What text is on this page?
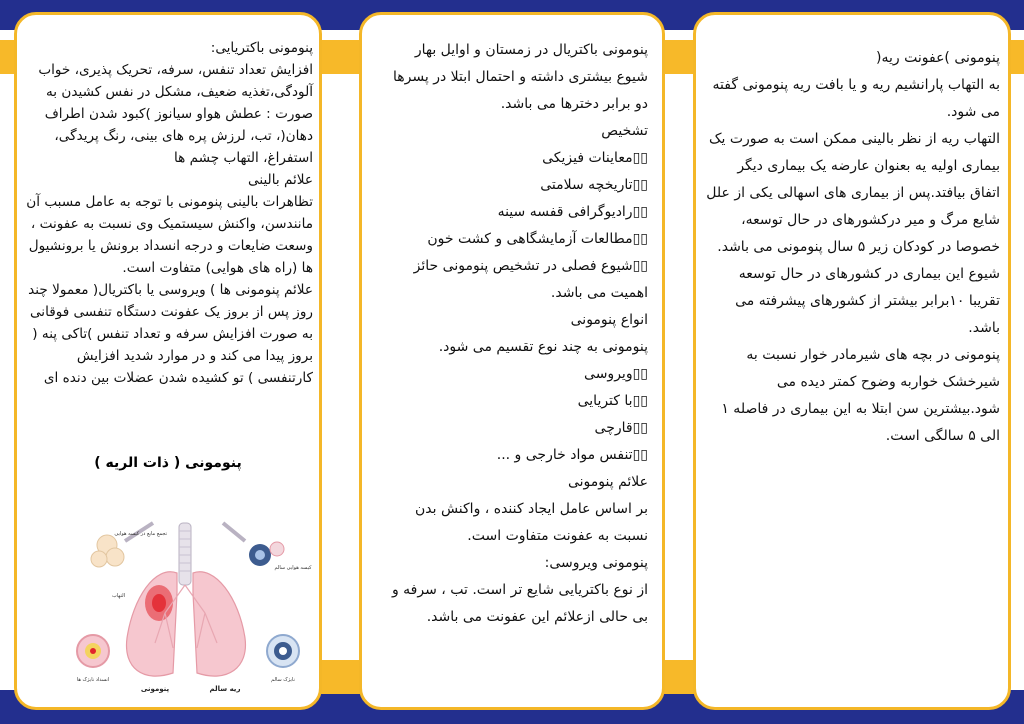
پنومونی باکتریایی:

افزایش تعداد تنفس، سرفه، تحریک پذیری، خواب آلودگی،تغذیه ضعیف، مشکل در نفس کشیدن به صورت : عطش هواو سیانوز )کبود شدن اطراف دهان(، تب، لرزش پره های بینی، رنگ پریدگی، استفراغ، التهاب چشم ها

علائم بالینی

تظاهرات بالینی پنومونی با توجه به عامل مسبب آن مانندسن، واکنش سیستمیک وی نسبت به عفونت ، وسعت ضایعات و درجه انسداد برونش یا برونشیول ها (راه های هوایی) متفاوت است.

علائم پنومونی ها ) ویروسی یا باکتریال( معمولا چند روز پس از بروز یک عفونت دستگاه تنفسی فوقانی به صورت افزایش سرفه و تعداد تنفس )تاکی پنه ( بروز پیدا می کند و در موارد شدید افزایش کارتنفسی ) تو کشیده شدن عضلات بین دنده ای

پنومونی ( ذات الریه )
تجمع مایع در کیسه هوایی
کیسه هوایی سالم
التهاب
پنومونی	ریه سالم
نایژک سالم
انسداد نایژک ها

پنومونی باکتریال در زمستان و اوایل بهار شیوع بیشتری داشته و احتمال ابتلا در پسرها دو برابر دخترها می باشد.

تشخیص

▯▯معاینات فیزیکی

▯▯تاریخچه سلامتی

▯▯رادیوگرافی قفسه سینه

▯▯مطالعات آزمایشگاهی و کشت خون

▯▯شیوع فصلی در تشخیص پنومونی حائز اهمیت می باشد.

انواع پنومونی

پنومونی به چند نوع تقسیم می شود.

▯▯ویروسی

▯▯با کتریایی

▯▯قارچی

▯▯تنفس مواد خارجی و ...

علائم پنومونی

بر اساس عامل ایجاد کننده ، واکنش بدن نسبت به عفونت متفاوت است.

پنومونی ویروسی:

از نوع باکتریایی شایع تر است. تب ، سرفه و بی حالی ازعلائم این عفونت می باشد.

پنومونی )عفونت ریه(

به التهاب پارانشیم ریه و یا بافت ریه پنومونی گفته می شود.

التهاب ریه از نظر بالینی ممکن است به صورت یک بیماری اولیه یه بعنوان عارضه یک بیماری دیگر اتفاق بیافتد.پس از بیماری های اسهالی یکی از علل شایع مرگ و میر درکشورهای در حال توسعه، خصوصا در کودکان زیر ۵ سال پنومونی می باشد.

شیوع این بیماری در کشورهای در حال توسعه تقریبا ۱۰برابر بیشتر از کشورهای پیشرفته می باشد.

پنومونی در بچه های شیرمادر خوار نسبت به شیرخشک خواربه وضوح کمتر دیده می شود.بیشترین سن ابتلا به این بیماری در فاصله ۱ الی ۵ سالگی است.
